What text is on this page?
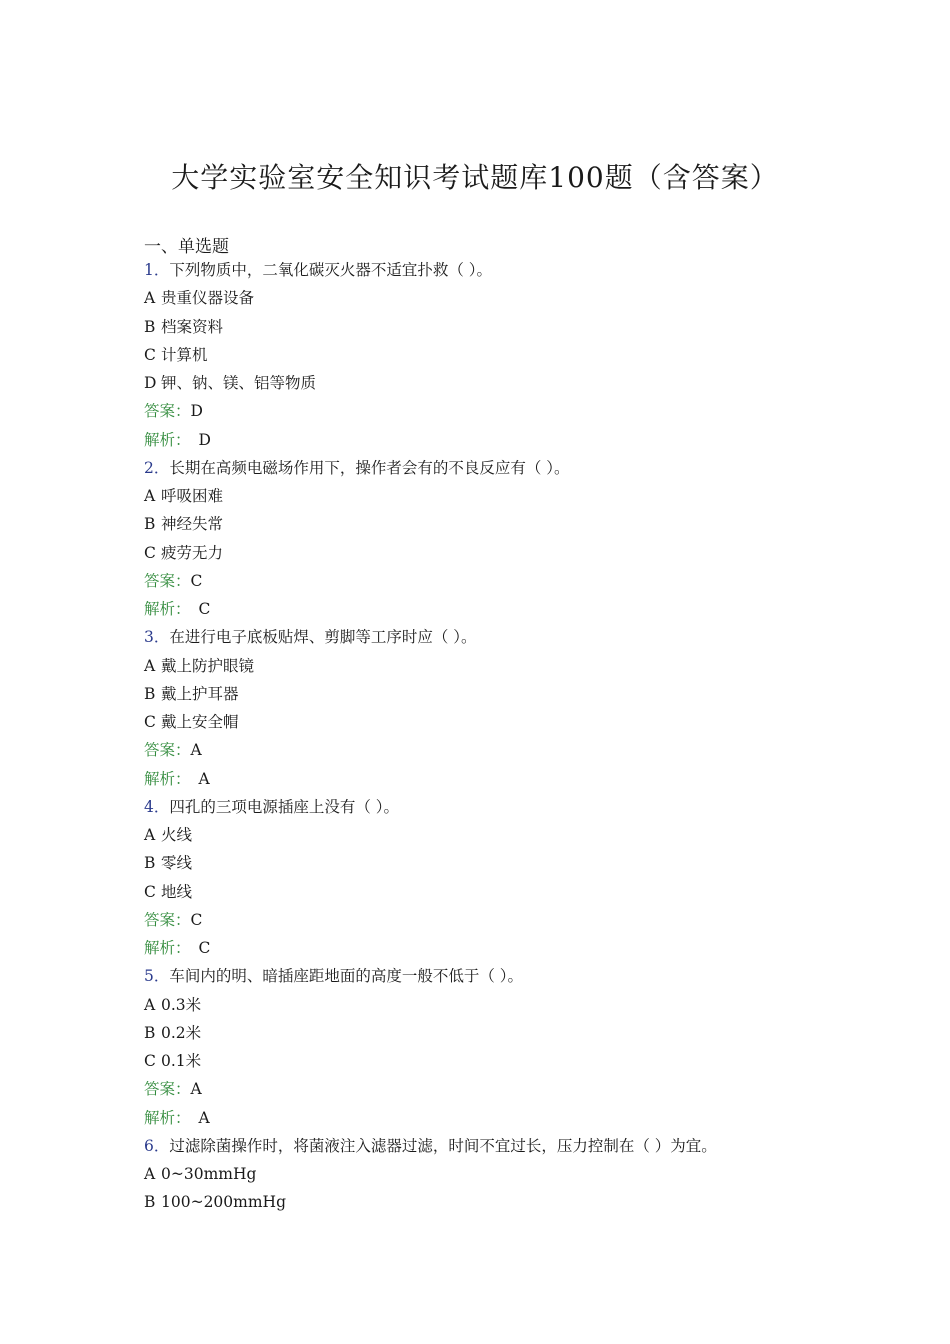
大学实验室安全知识考试题库100题（含答案）
一、单选题
1．下列物质中，二氧化碳灭火器不适宜扑救（ ）。
A 贵重仪器设备
B 档案资料
C 计算机
D 钾、钠、镁、铝等物质
答案：D
解析： D
2．长期在高频电磁场作用下，操作者会有的不良反应有（ ）。
A 呼吸困难
B 神经失常
C 疲劳无力
答案：C
解析： C
3．在进行电子底板贴焊、剪脚等工序时应（ ）。
A 戴上防护眼镜
B 戴上护耳器
C 戴上安全帽
答案：A
解析： A
4．四孔的三项电源插座上没有（ ）。
A 火线
B 零线
C 地线
答案：C
解析： C
5．车间内的明、暗插座距地面的高度一般不低于（ ）。
A 0.3米
B 0.2米
C 0.1米
答案：A
解析： A
6．过滤除菌操作时，将菌液注入滤器过滤，时间不宜过长，压力控制在（ ）为宜。
A 0~30mmHg
B 100~200mmHg
